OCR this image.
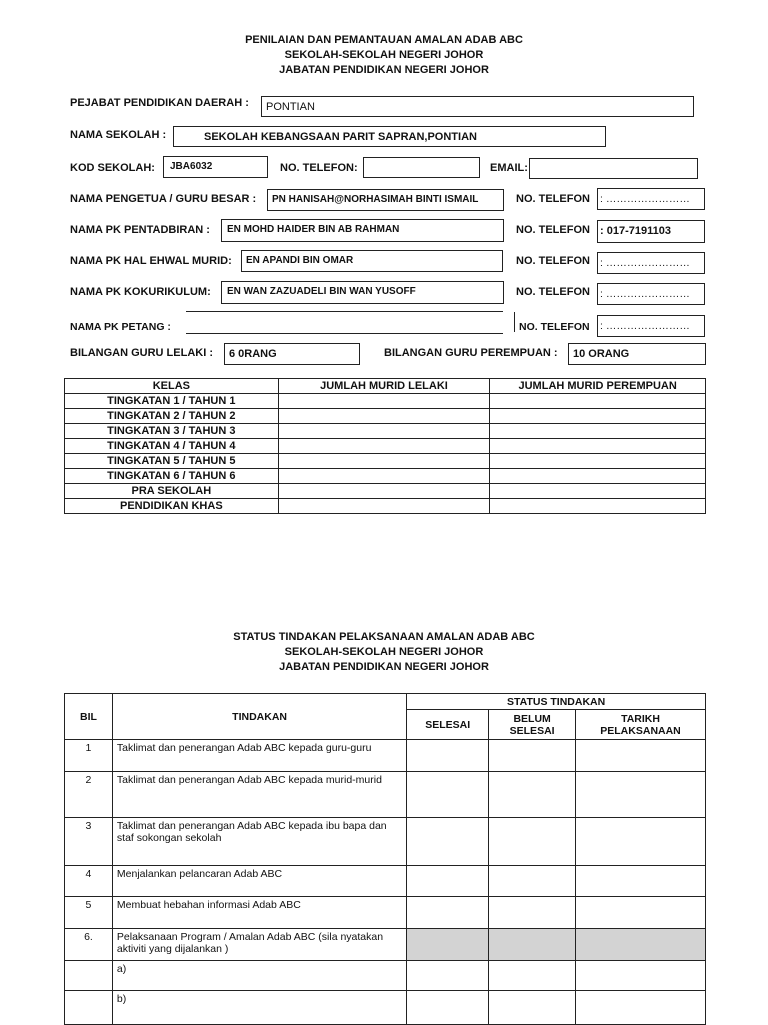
PENILAIAN DAN PEMANTAUAN AMALAN ADAB ABC
SEKOLAH-SEKOLAH NEGERI JOHOR
JABATAN PENDIDIKAN NEGERI JOHOR
PEJABAT PENDIDIKAN DAERAH :	PONTIAN
NAMA SEKOLAH :	SEKOLAH KEBANGSAAN PARIT SAPRAN,PONTIAN
KOD SEKOLAH:	JBA6032	NO. TELEFON:	EMAIL:
NAMA PENGETUA / GURU BESAR :	PN HANISAH@NORHASIMAH BINTI ISMAIL	NO. TELEFON : ……………………
NAMA PK PENTADBIRAN :	EN MOHD HAIDER BIN AB RAHMAN	NO. TELEFON : 017-7191103
NAMA PK HAL EHWAL MURID:	EN APANDI BIN OMAR	NO. TELEFON : ……………………
NAMA PK KOKURIKULUM:	EN WAN ZAZUADELI BIN WAN YUSOFF	NO. TELEFON : ……………………
NAMA PK PETANG :	NO. TELEFON : ……………………
BILANGAN GURU LELAKI :	6 0RANG	BILANGAN GURU PEREMPUAN :	10 ORANG
KELAS	JUMLAH MURID LELAKI	JUMLAH MURID PEREMPUAN
TINGKATAN 1 / TAHUN 1		
TINGKATAN 2 / TAHUN 2		
TINGKATAN 3 / TAHUN 3		
TINGKATAN 4 / TAHUN 4		
TINGKATAN 5 / TAHUN 5		
TINGKATAN 6 / TAHUN 6		
PRA SEKOLAH		
PENDIDIKAN KHAS		
STATUS TINDAKAN PELAKSANAAN AMALAN ADAB ABC
SEKOLAH-SEKOLAH NEGERI JOHOR
JABATAN PENDIDIKAN NEGERI JOHOR
BIL	TINDAKAN	STATUS TINDAKAN		
		SELESAI	BELUM SELESAI	TARIKH PELAKSANAAN
1	Taklimat dan penerangan Adab ABC kepada guru-guru			
2	Taklimat dan penerangan Adab ABC kepada murid-murid			
3	Taklimat dan penerangan Adab ABC kepada ibu bapa dan staf sokongan sekolah			
4	Menjalankan pelancaran Adab ABC			
5	Membuat hebahan informasi Adab ABC			
6.	Pelaksanaan Program / Amalan Adab ABC (sila nyatakan aktiviti yang dijalankan )			
	a)			
	b)			
